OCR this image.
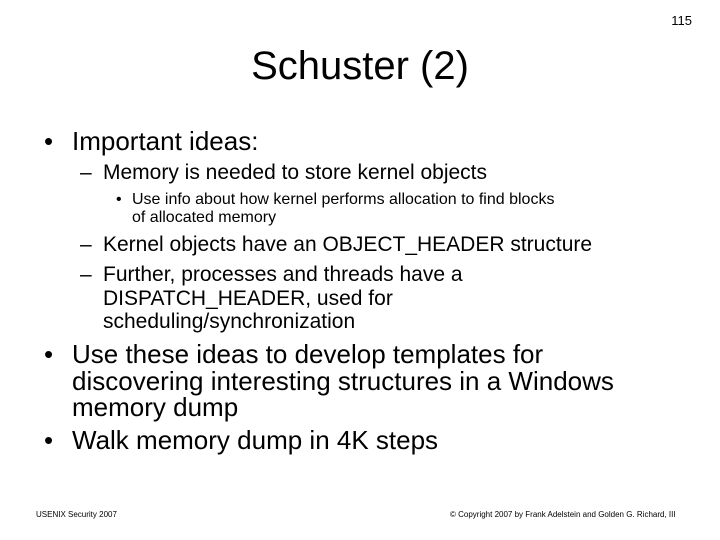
115
Schuster (2)
• Important ideas:
– Memory is needed to store kernel objects
• Use info about how kernel performs allocation to find blocks
of allocated memory
– Kernel objects have an OBJECT_HEADER structure
– Further, processes and threads have a
DISPATCH_HEADER, used for
scheduling/synchronization
• Use these ideas to develop templates for
discovering interesting structures in a Windows
memory dump
• Walk memory dump in 4K steps
USENIX Security 2007	© Copyright 2007 by Frank Adelstein and Golden G. Richard, III
